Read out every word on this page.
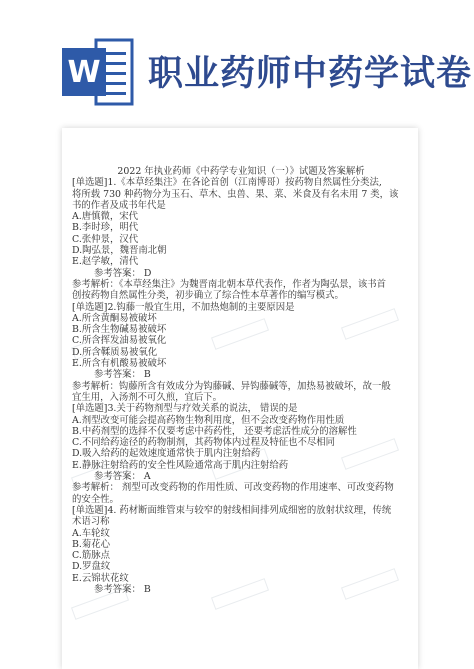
W 职业药师中药学试卷

2022 年执业药师《中药学专业知识（一）》试题及答案解析

[单选题]1.《本草经集注》在各论首创（江南博哥）按药物自然属性分类法,

将所载 730 种药物分为玉石、草木、虫兽、果、菜、米食及有名未用 7 类，该

书的作者及成书年代是

A.唐慎微，宋代

B.李时珍，明代

C.张仲景，汉代

D.陶弘景，魏晋南北朝

E.赵学敏，清代

参考答案： D

参考解析：《本草经集注》为魏晋南北朝本草代表作，作者为陶弘景，该书首

创按药物自然属性分类，初步确立了综合性本草著作的编写模式。

[单选题]2.钩藤一般宜生用，不加热炮制的主要原因是

A.所含黄酮易被破坏

B.所含生物碱易被破坏

C.所含挥发油易被氧化

D.所含鞣质易被氧化

E.所含有机酸易被破坏

参考答案： B

参考解析：钩藤所含有效成分为钩藤碱、异钩藤碱等，加热易被破坏，故一般

宜生用，入汤剂不可久煎，宜后下。

[单选题]3.关于药物剂型与疗效关系的说法， 错误的是

A.剂型改变可能会提高药物生物利用度，但不会改变药物作用性质

B.中药剂型的选择不仅要考虑中药药性， 还要考虑活性成分的溶解性

C.不同给药途径的药物制剂，其药物体内过程及特征也不尽相同

D.吸入给药的起效速度通常快于肌内注射给药

E.静脉注射给药的安全性风险通常高于肌内注射给药

参考答案： A

参考解析： 剂型可改变药物的作用性质、可改变药物的作用速率、可改变药物

的安全性。

[单选题]4. 药材断面维管束与较窄的射线相间排列成细密的放射状纹理，传统

术语习称

A.车轮纹

B.菊花心

C.筋脉点

D.罗盘纹

E.云锦状花纹

参考答案： B
